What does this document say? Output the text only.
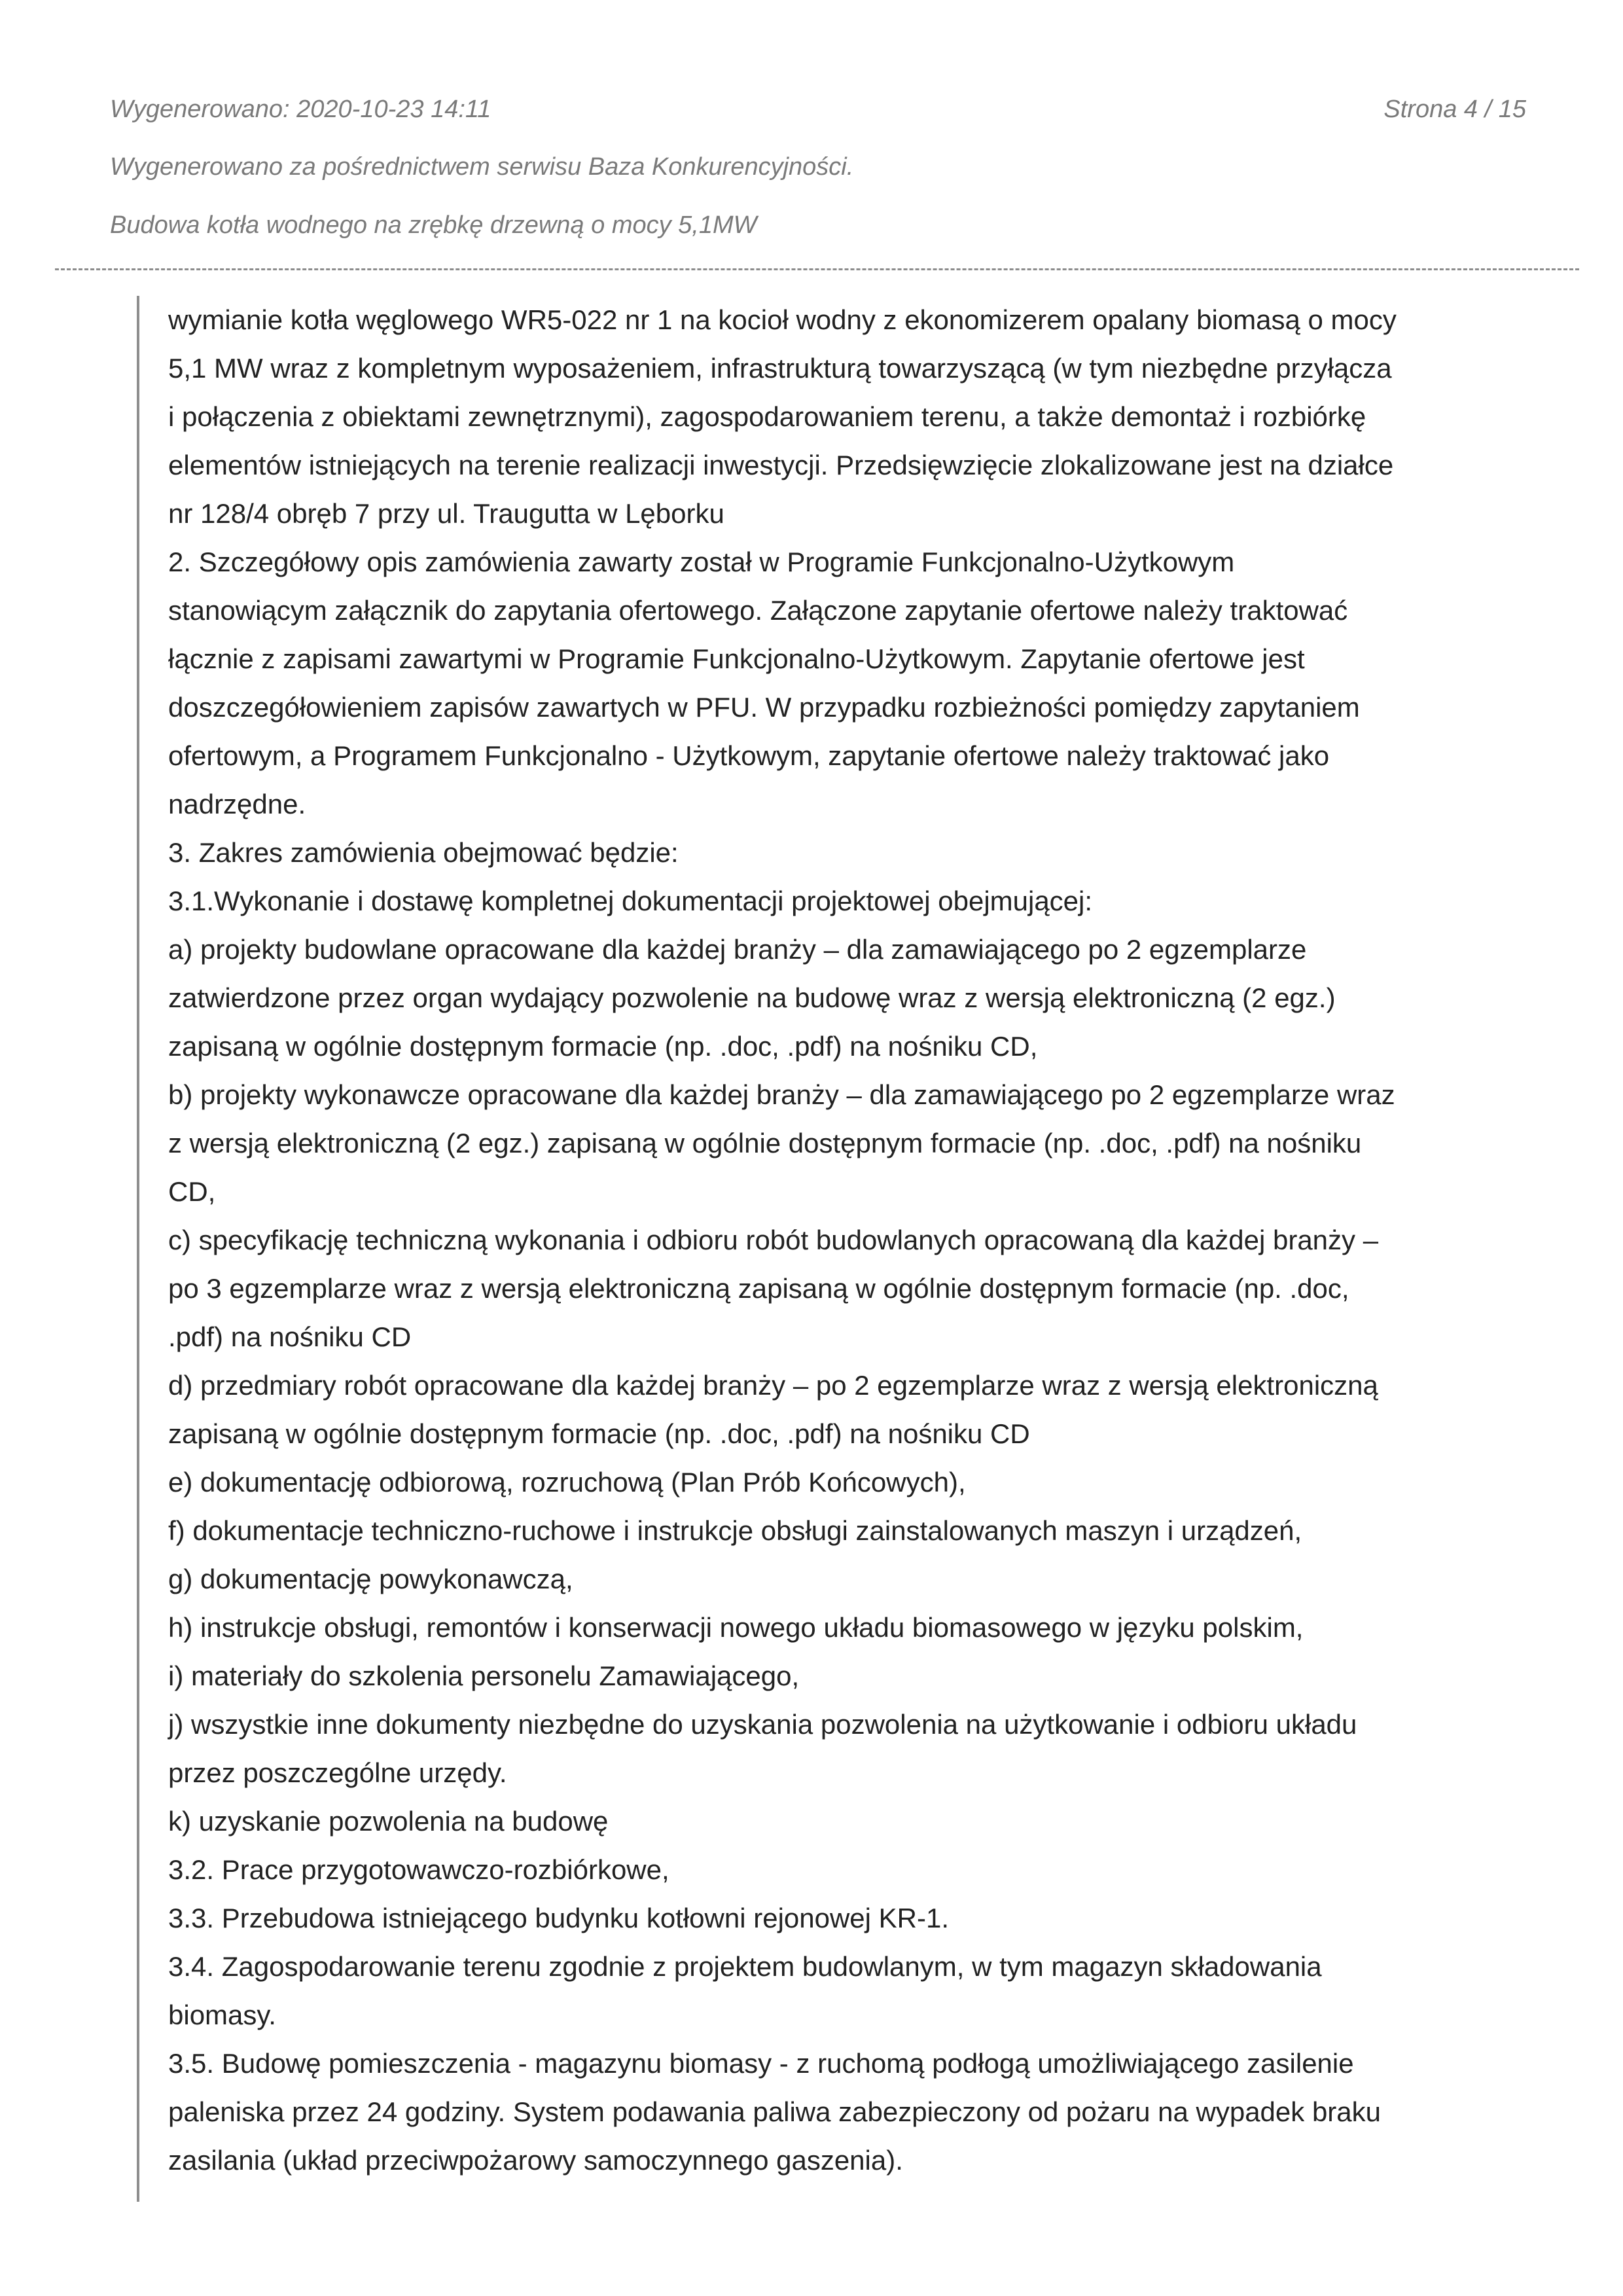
Wygenerowano: 2020-10-23 14:11	Strona 4 / 15
Wygenerowano za pośrednictwem serwisu Baza Konkurencyjności.
Budowa kotła wodnego na zrębkę drzewną o mocy 5,1MW
wymianie kotła węglowego WR5-022 nr 1 na kocioł wodny z ekonomizerem opalany biomasą o mocy
5,1 MW wraz z kompletnym wyposażeniem, infrastrukturą towarzyszącą (w tym niezbędne przyłącza
i połączenia z obiektami zewnętrznymi), zagospodarowaniem terenu, a także demontaż i rozbiórkę
elementów istniejących na terenie realizacji inwestycji. Przedsięwzięcie zlokalizowane jest na działce
nr 128/4 obręb 7 przy ul. Traugutta w Lęborku
2. Szczegółowy opis zamówienia zawarty został w Programie Funkcjonalno-Użytkowym
stanowiącym załącznik do zapytania ofertowego. Załączone zapytanie ofertowe należy traktować
łącznie z zapisami zawartymi w Programie Funkcjonalno-Użytkowym. Zapytanie ofertowe jest
doszczegółowieniem zapisów zawartych w PFU. W przypadku rozbieżności pomiędzy zapytaniem
ofertowym, a Programem Funkcjonalno - Użytkowym, zapytanie ofertowe należy traktować jako
nadrzędne.
3. Zakres zamówienia obejmować będzie:
3.1.Wykonanie i dostawę kompletnej dokumentacji projektowej obejmującej:
a) projekty budowlane opracowane dla każdej branży – dla zamawiającego po 2 egzemplarze
zatwierdzone przez organ wydający pozwolenie na budowę wraz z wersją elektroniczną (2 egz.)
zapisaną w ogólnie dostępnym formacie (np. .doc, .pdf) na nośniku CD,
b) projekty wykonawcze opracowane dla każdej branży – dla zamawiającego po 2 egzemplarze wraz
z wersją elektroniczną (2 egz.) zapisaną w ogólnie dostępnym formacie (np. .doc, .pdf) na nośniku
CD,
c) specyfikację techniczną wykonania i odbioru robót budowlanych opracowaną dla każdej branży –
po 3 egzemplarze wraz z wersją elektroniczną zapisaną w ogólnie dostępnym formacie (np. .doc,
.pdf) na nośniku CD
d) przedmiary robót opracowane dla każdej branży – po 2 egzemplarze wraz z wersją elektroniczną
zapisaną w ogólnie dostępnym formacie (np. .doc, .pdf) na nośniku CD
e) dokumentację odbiorową, rozruchową (Plan Prób Końcowych),
f) dokumentacje techniczno-ruchowe i instrukcje obsługi zainstalowanych maszyn i urządzeń,
g) dokumentację powykonawczą,
h) instrukcje obsługi, remontów i konserwacji nowego układu biomasowego w języku polskim,
i) materiały do szkolenia personelu Zamawiającego,
j) wszystkie inne dokumenty niezbędne do uzyskania pozwolenia na użytkowanie i odbioru układu
przez poszczególne urzędy.
k) uzyskanie pozwolenia na budowę
3.2. Prace przygotowawczo-rozbiórkowe,
3.3. Przebudowa istniejącego budynku kotłowni rejonowej KR-1.
3.4. Zagospodarowanie terenu zgodnie z projektem budowlanym, w tym magazyn składowania
biomasy.
3.5. Budowę pomieszczenia - magazynu biomasy - z ruchomą podłogą umożliwiającego zasilenie
paleniska przez 24 godziny. System podawania paliwa zabezpieczony od pożaru na wypadek braku
zasilania (układ przeciwpożarowy samoczynnego gaszenia).
